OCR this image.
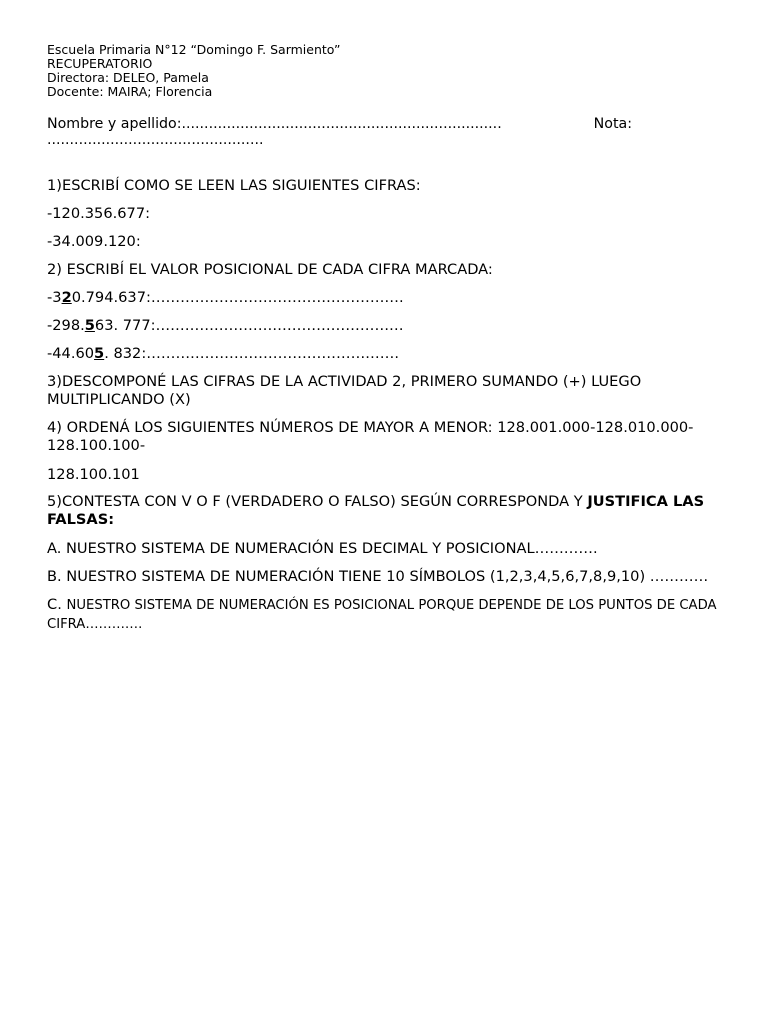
Escuela Primaria N°12 “Domingo F. Sarmiento”

RECUPERATORIO

Directora: DELEO, Pamela

Docente: MAIRA; Florencia

Nombre y apellido:.......................................................................	Nota:
................................................

1)ESCRIBÍ COMO SE LEEN LAS SIGUIENTES CIFRAS:

-120.356.677:

-34.009.120:

2) ESCRIBÍ EL VALOR POSICIONAL DE CADA CIFRA MARCADA:

-320.794.637:…………………………………………….

-298.563. 777:……………………………………………

-44.605. 832:…………………………………………….

3)DESCOMPONÉ LAS CIFRAS DE LA ACTIVIDAD 2, PRIMERO SUMANDO (+) LUEGO MULTIPLICANDO (X)

4) ORDENÁ LOS SIGUIENTES NÚMEROS DE MAYOR A MENOR: 128.001.000-128.010.000-128.100.100-

128.100.101

5)CONTESTA CON V O F (VERDADERO O FALSO) SEGÚN CORRESPONDA Y JUSTIFICA LAS FALSAS:

A. NUESTRO SISTEMA DE NUMERACIÓN ES DECIMAL Y POSICIONAL………….

B. NUESTRO SISTEMA DE NUMERACIÓN TIENE 10 SÍMBOLOS (1,2,3,4,5,6,7,8,9,10) …………

C. NUESTRO SISTEMA DE NUMERACIÓN ES POSICIONAL PORQUE DEPENDE DE LOS PUNTOS DE CADA CIFRA………….
